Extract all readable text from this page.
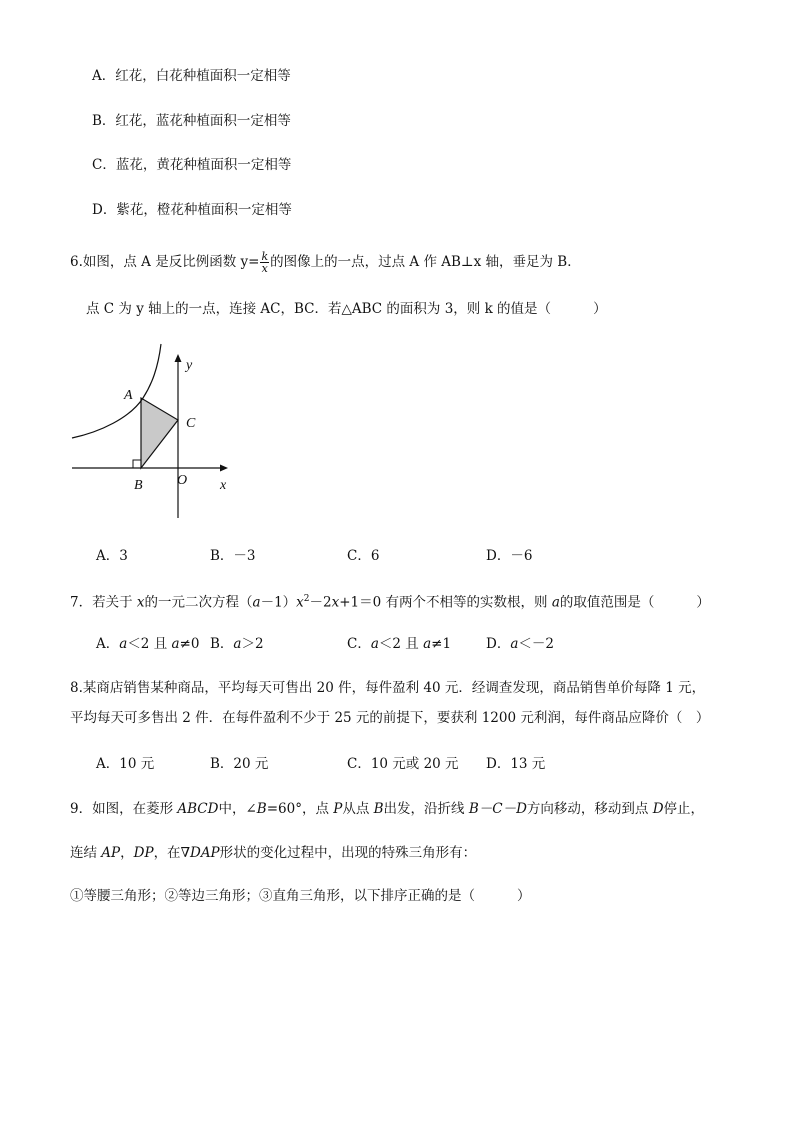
A．红花，白花种植面积一定相等
B．红花，蓝花种植面积一定相等
C．蓝花，黄花种植面积一定相等
D．紫花，橙花种植面积一定相等
6.如图，点 A 是反比例函数 $y= \frac{k}{x}$ 的图像上的一点，过点 A 作 AB⊥x 轴，垂足为 B．
点 C 为 y 轴上的一点，连接 AC，BC．若△ABC 的面积为 3，则 k 的值是（	）
y
A
C
B O x
A．3	B．－3	C．6	D．－6
7．若关于 x的一元二次方程$(a-1)x^2-2x+1=0$ 有两个不相等的实数根，则 a的取值范围是（	）
A．a＜2 且 a≠0 B．a＞2	C．a＜2 且 a≠1	D．a＜－2
8.某商店销售某种商品，平均每天可售出 20 件，每件盈利 40 元．经调查发现，商品销售单价每降 1 元，
平均每天可多售出 2 件．在每件盈利不少于 25 元的前提下，要获利 1200 元利润，每件商品应降价（　）
A．10 元	B．20 元	C．10 元或 20 元 D．13 元
9．如图，在菱形 ABCD中，∠B=60°，点 P从点 B出发，沿折线 B－C－D方向移动，移动到点 D停止，
连结 AP，DP，在∇DAP形状的变化过程中，出现的特殊三角形有：
①等腰三角形；②等边三角形；③直角三角形，以下排序正确的是（	）
